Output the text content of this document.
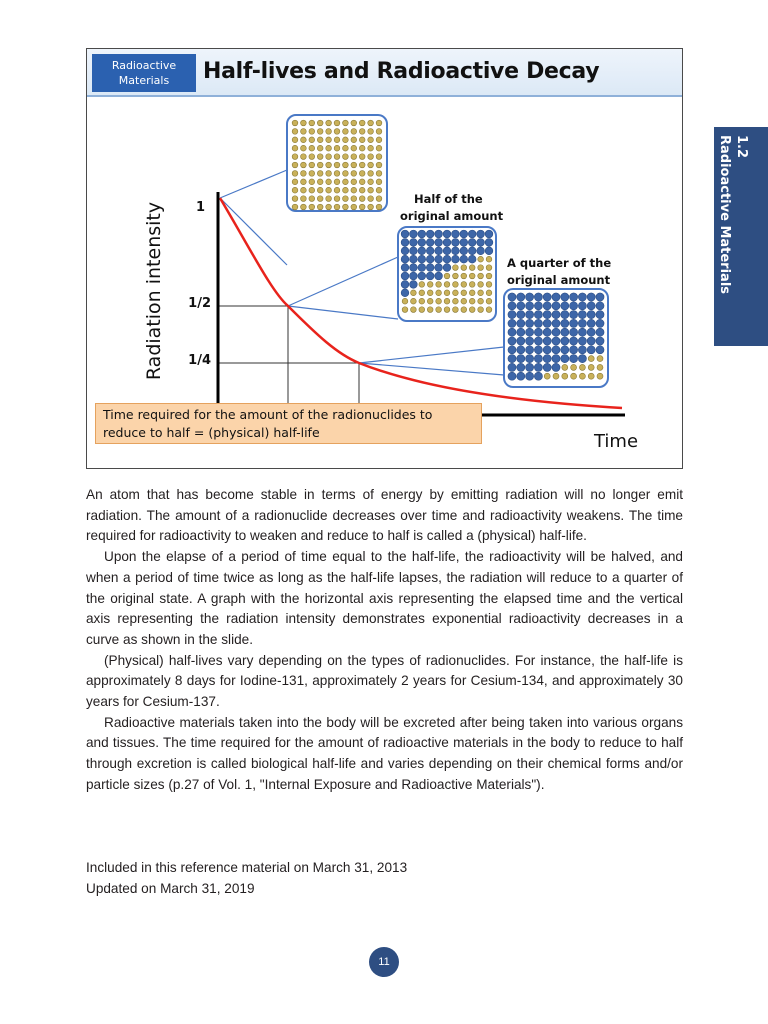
Radioactive Materials	Half-lives and Radioactive Decay
Radiation intensity 1
1/2
1/4
Time
Half of the
original amount
A quarter of the
original amount
Time required for the amount of the radionuclides to reduce to half = (physical) half-life
1.2
Radioactive Materials

An atom that has become stable in terms of energy by emitting radiation will no longer emit radiation. The amount of a radionuclide decreases over time and radioactivity weakens. The time required for radioactivity to weaken and reduce to half is called a (physical) half-life.

Upon the elapse of a period of time equal to the half-life, the radioactivity will be halved, and when a period of time twice as long as the half-life lapses, the radiation will reduce to a quarter of the original state. A graph with the horizontal axis representing the elapsed time and the vertical axis representing the radiation intensity demonstrates exponential radioactivity decreases in a curve as shown in the slide.

(Physical) half-lives vary depending on the types of radionuclides. For instance, the half-life is approximately 8 days for Iodine-131, approximately 2 years for Cesium-134, and approximately 30 years for Cesium-137.

Radioactive materials taken into the body will be excreted after being taken into various organs and tissues. The time required for the amount of radioactive materials in the body to reduce to half through excretion is called biological half-life and varies depending on their chemical forms and/or particle sizes (p.27 of Vol. 1, "Internal Exposure and Radioactive Materials").

Included in this reference material on March 31, 2013
Updated on March 31, 2019
11
